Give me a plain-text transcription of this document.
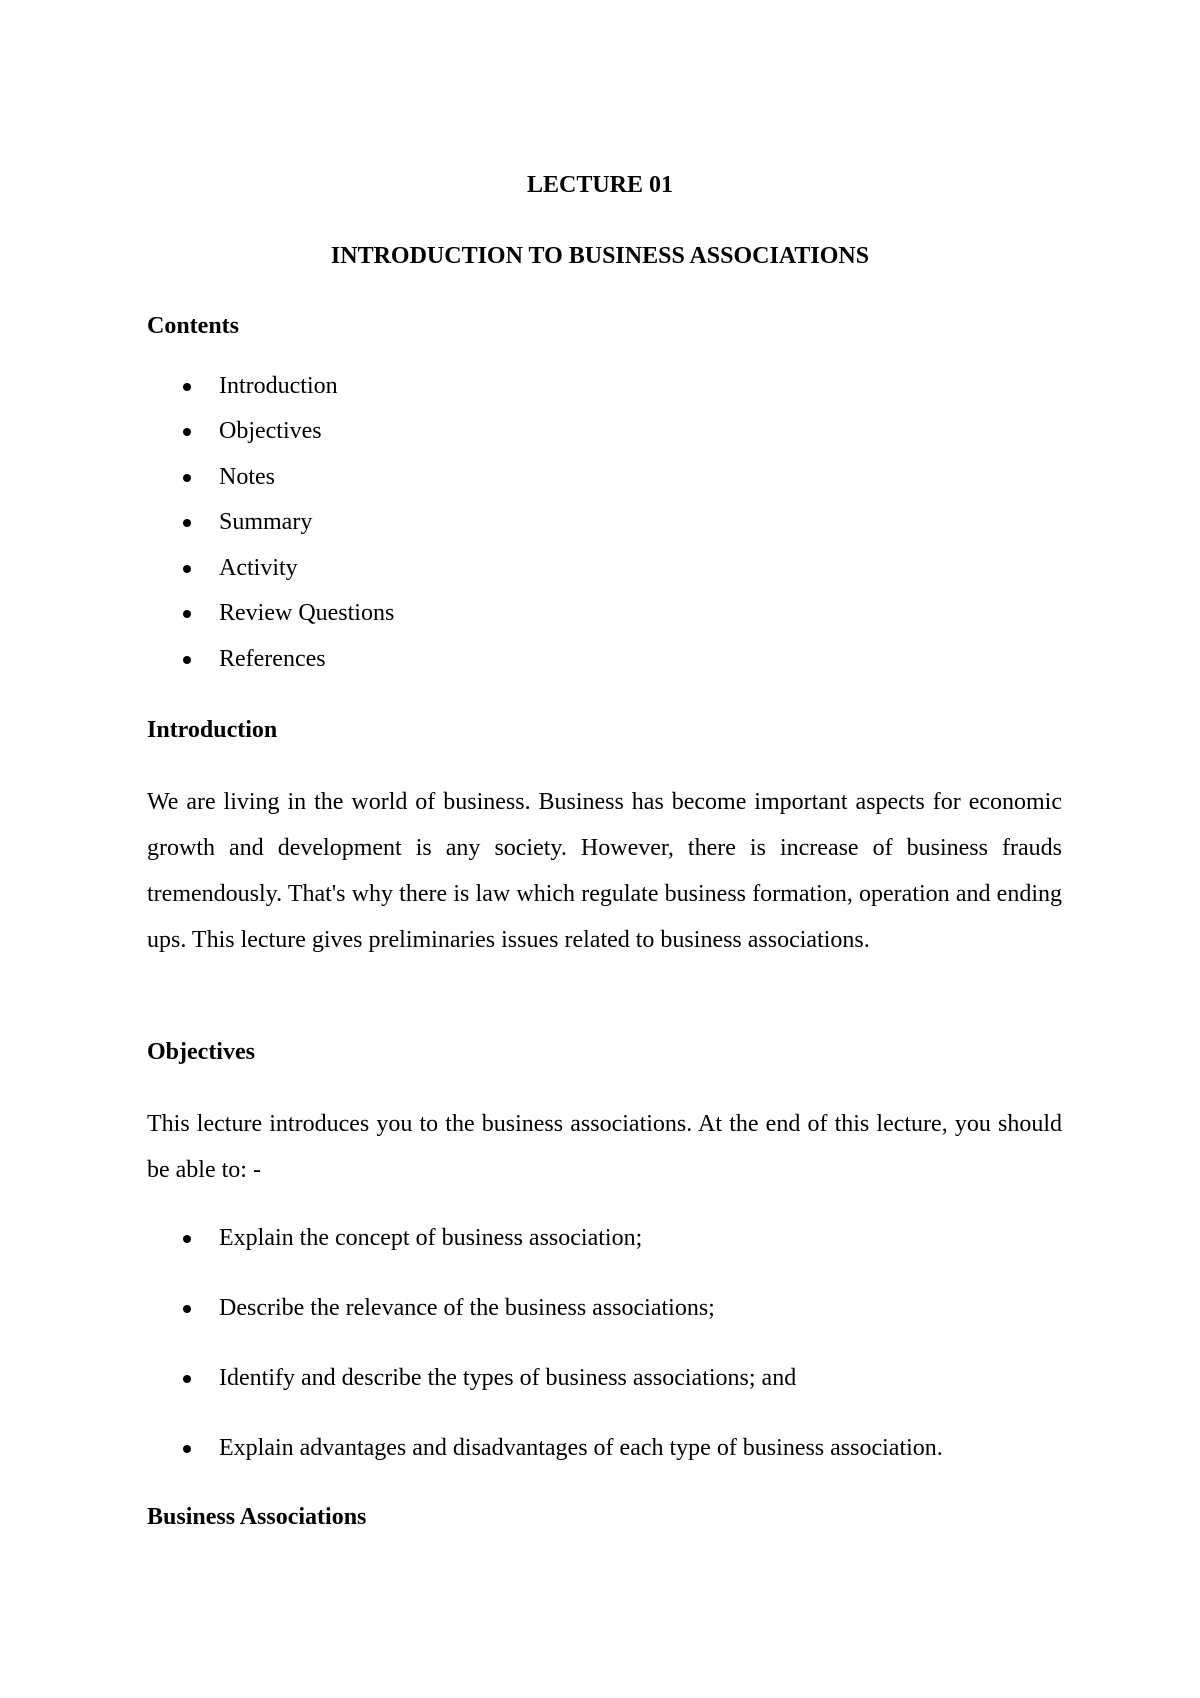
LECTURE 01
INTRODUCTION TO BUSINESS ASSOCIATIONS
Contents
Introduction
Objectives
Notes
Summary
Activity
Review Questions
References
Introduction

We are living in the world of business. Business has become important aspects for economic growth and development is any society. However, there is increase of business frauds tremendously. That's why there is law which regulate business formation, operation and ending ups. This lecture gives preliminaries issues related to business associations.

Objectives

This lecture introduces you to the business associations. At the end of this lecture, you should be able to: -

Explain the concept of business association;
Describe the relevance of the business associations;
Identify and describe the types of business associations; and
Explain advantages and disadvantages of each type of business association.
Business Associations
